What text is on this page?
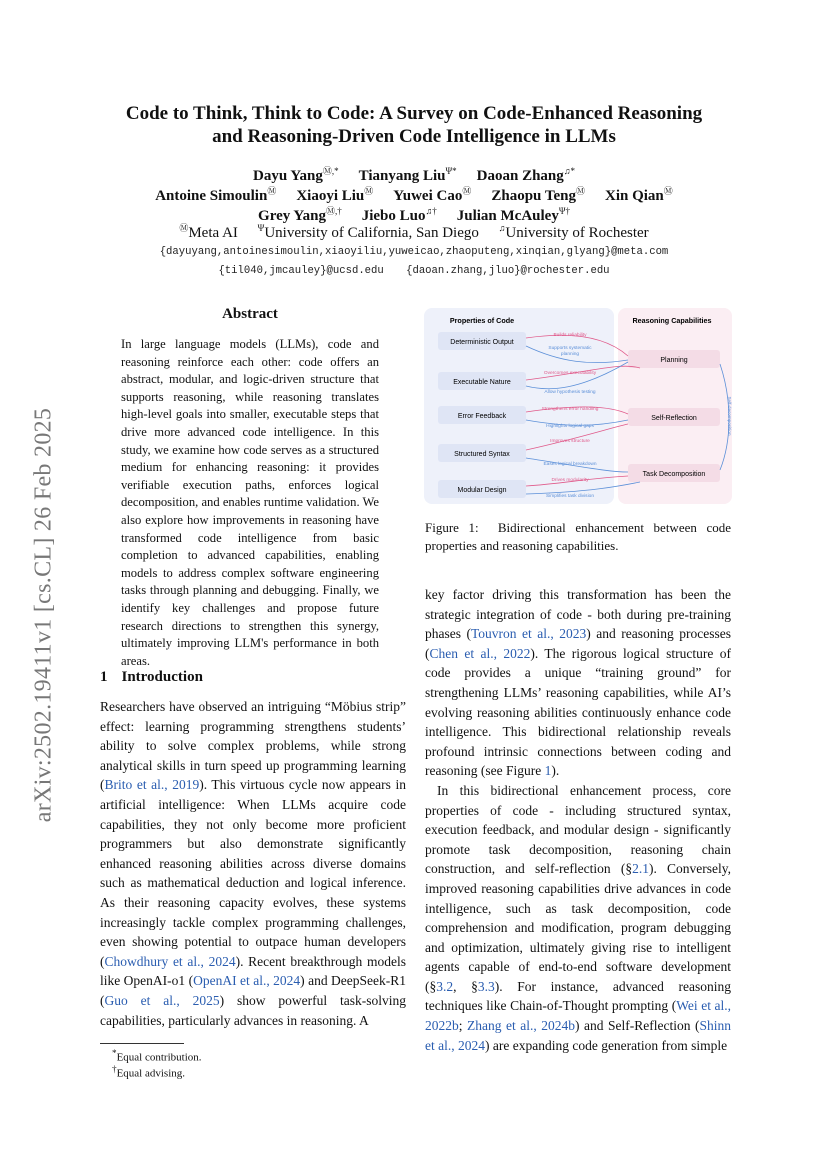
arXiv:2502.19411v1 [cs.CL] 26 Feb 2025
Code to Think, Think to Code: A Survey on Code-Enhanced Reasoning
and Reasoning-Driven Code Intelligence in LLMs
Dayu YangⓂ,* Tianyang Liu$^{\Psi*}$ Daoan Zhang♫*
Antoine SimoulinⓂ Xiaoyi LiuⓂ Yuwei CaoⓂ Zhaopu TengⓂ Xin QianⓂ
Grey YangⓂ,† Jiebo Luo♫† Julian McAuley$^{\Psi\dagger}$
ⓂMeta AI $^\Psi$University of California, San Diego ♫University of Rochester
{dayuyang,antoinesimoulin,xiaoyiliu,yuweicao,zhaoputeng,xinqian,glyang}@meta.com
{til040,jmcauley}@ucsd.edu {daoan.zhang,jluo}@rochester.edu
Abstract
In large language models (LLMs), code and reasoning reinforce each other: code offers an abstract, modular, and logic-driven structure that supports reasoning, while reasoning translates high-level goals into smaller, executable steps that drive more advanced code intelligence. In this study, we examine how code serves as a structured medium for enhancing reasoning: it provides verifiable execution paths, enforces logical decomposition, and enables runtime validation. We also explore how improvements in reasoning have transformed code intelligence from basic completion to advanced capabilities, enabling models to address complex software engineering tasks through planning and debugging. Finally, we identify key challenges and propose future research directions to strengthen this synergy, ultimately improving LLM's performance in both areas.
1 Introduction

Researchers have observed an intriguing “Möbius strip” effect: learning programming strengthens students’ ability to solve complex problems, while strong analytical skills in turn speed up programming learning (Brito et al., 2019). This virtuous cycle now appears in artificial intelligence: When LLMs acquire code capabilities, they not only become more proficient programmers but also demonstrate significantly enhanced reasoning abilities across diverse domains such as mathematical deduction and logical inference. As their reasoning capacity evolves, these systems increasingly tackle complex programming challenges, even showing potential to outpace human developers (Chowdhury et al., 2024). Recent breakthrough models like OpenAI-o1 (OpenAI et al., 2024) and DeepSeek-R1 (Guo et al., 2025) show powerful task-solving capabilities, particularly advances in reasoning. A

*Equal contribution.
†Equal advising.
Properties of Code	Reasoning Capabilities
Deterministic Output
Executable Nature
Error Feedback
Structured Syntax
Modular Design
Planning
Self-Reflection
Task Decomposition
Builds reliability
Supports systematic
planning
Overcomes executability
Allow hypothesis testing
Strengthens error handling
Highlights logical gaps
Improves structure
Eases logical breakdown
Drives modularity
Simplifies task division
Self-decomposition
Figure 1: Bidirectional enhancement between code properties and reasoning capabilities.

key factor driving this transformation has been the strategic integration of code - both during pre-training phases (Touvron et al., 2023) and reasoning processes (Chen et al., 2022). The rigorous logical structure of code provides a unique “training ground” for strengthening LLMs’ reasoning capabilities, while AI’s evolving reasoning abilities continuously enhance code intelligence. This bidirectional relationship reveals profound intrinsic connections between coding and reasoning (see Figure 1).

In this bidirectional enhancement process, core properties of code - including structured syntax, execution feedback, and modular design - significantly promote task decomposition, reasoning chain construction, and self-reflection (§2.1). Conversely, improved reasoning capabilities drive advances in code intelligence, such as task decomposition, code comprehension and modification, program debugging and optimization, ultimately giving rise to intelligent agents capable of end-to-end software development (§3.2, §3.3). For instance, advanced reasoning techniques like Chain-of-Thought prompting (Wei et al., 2022b; Zhang et al., 2024b) and Self-Reflection (Shinn et al., 2024) are expanding code generation from simple
